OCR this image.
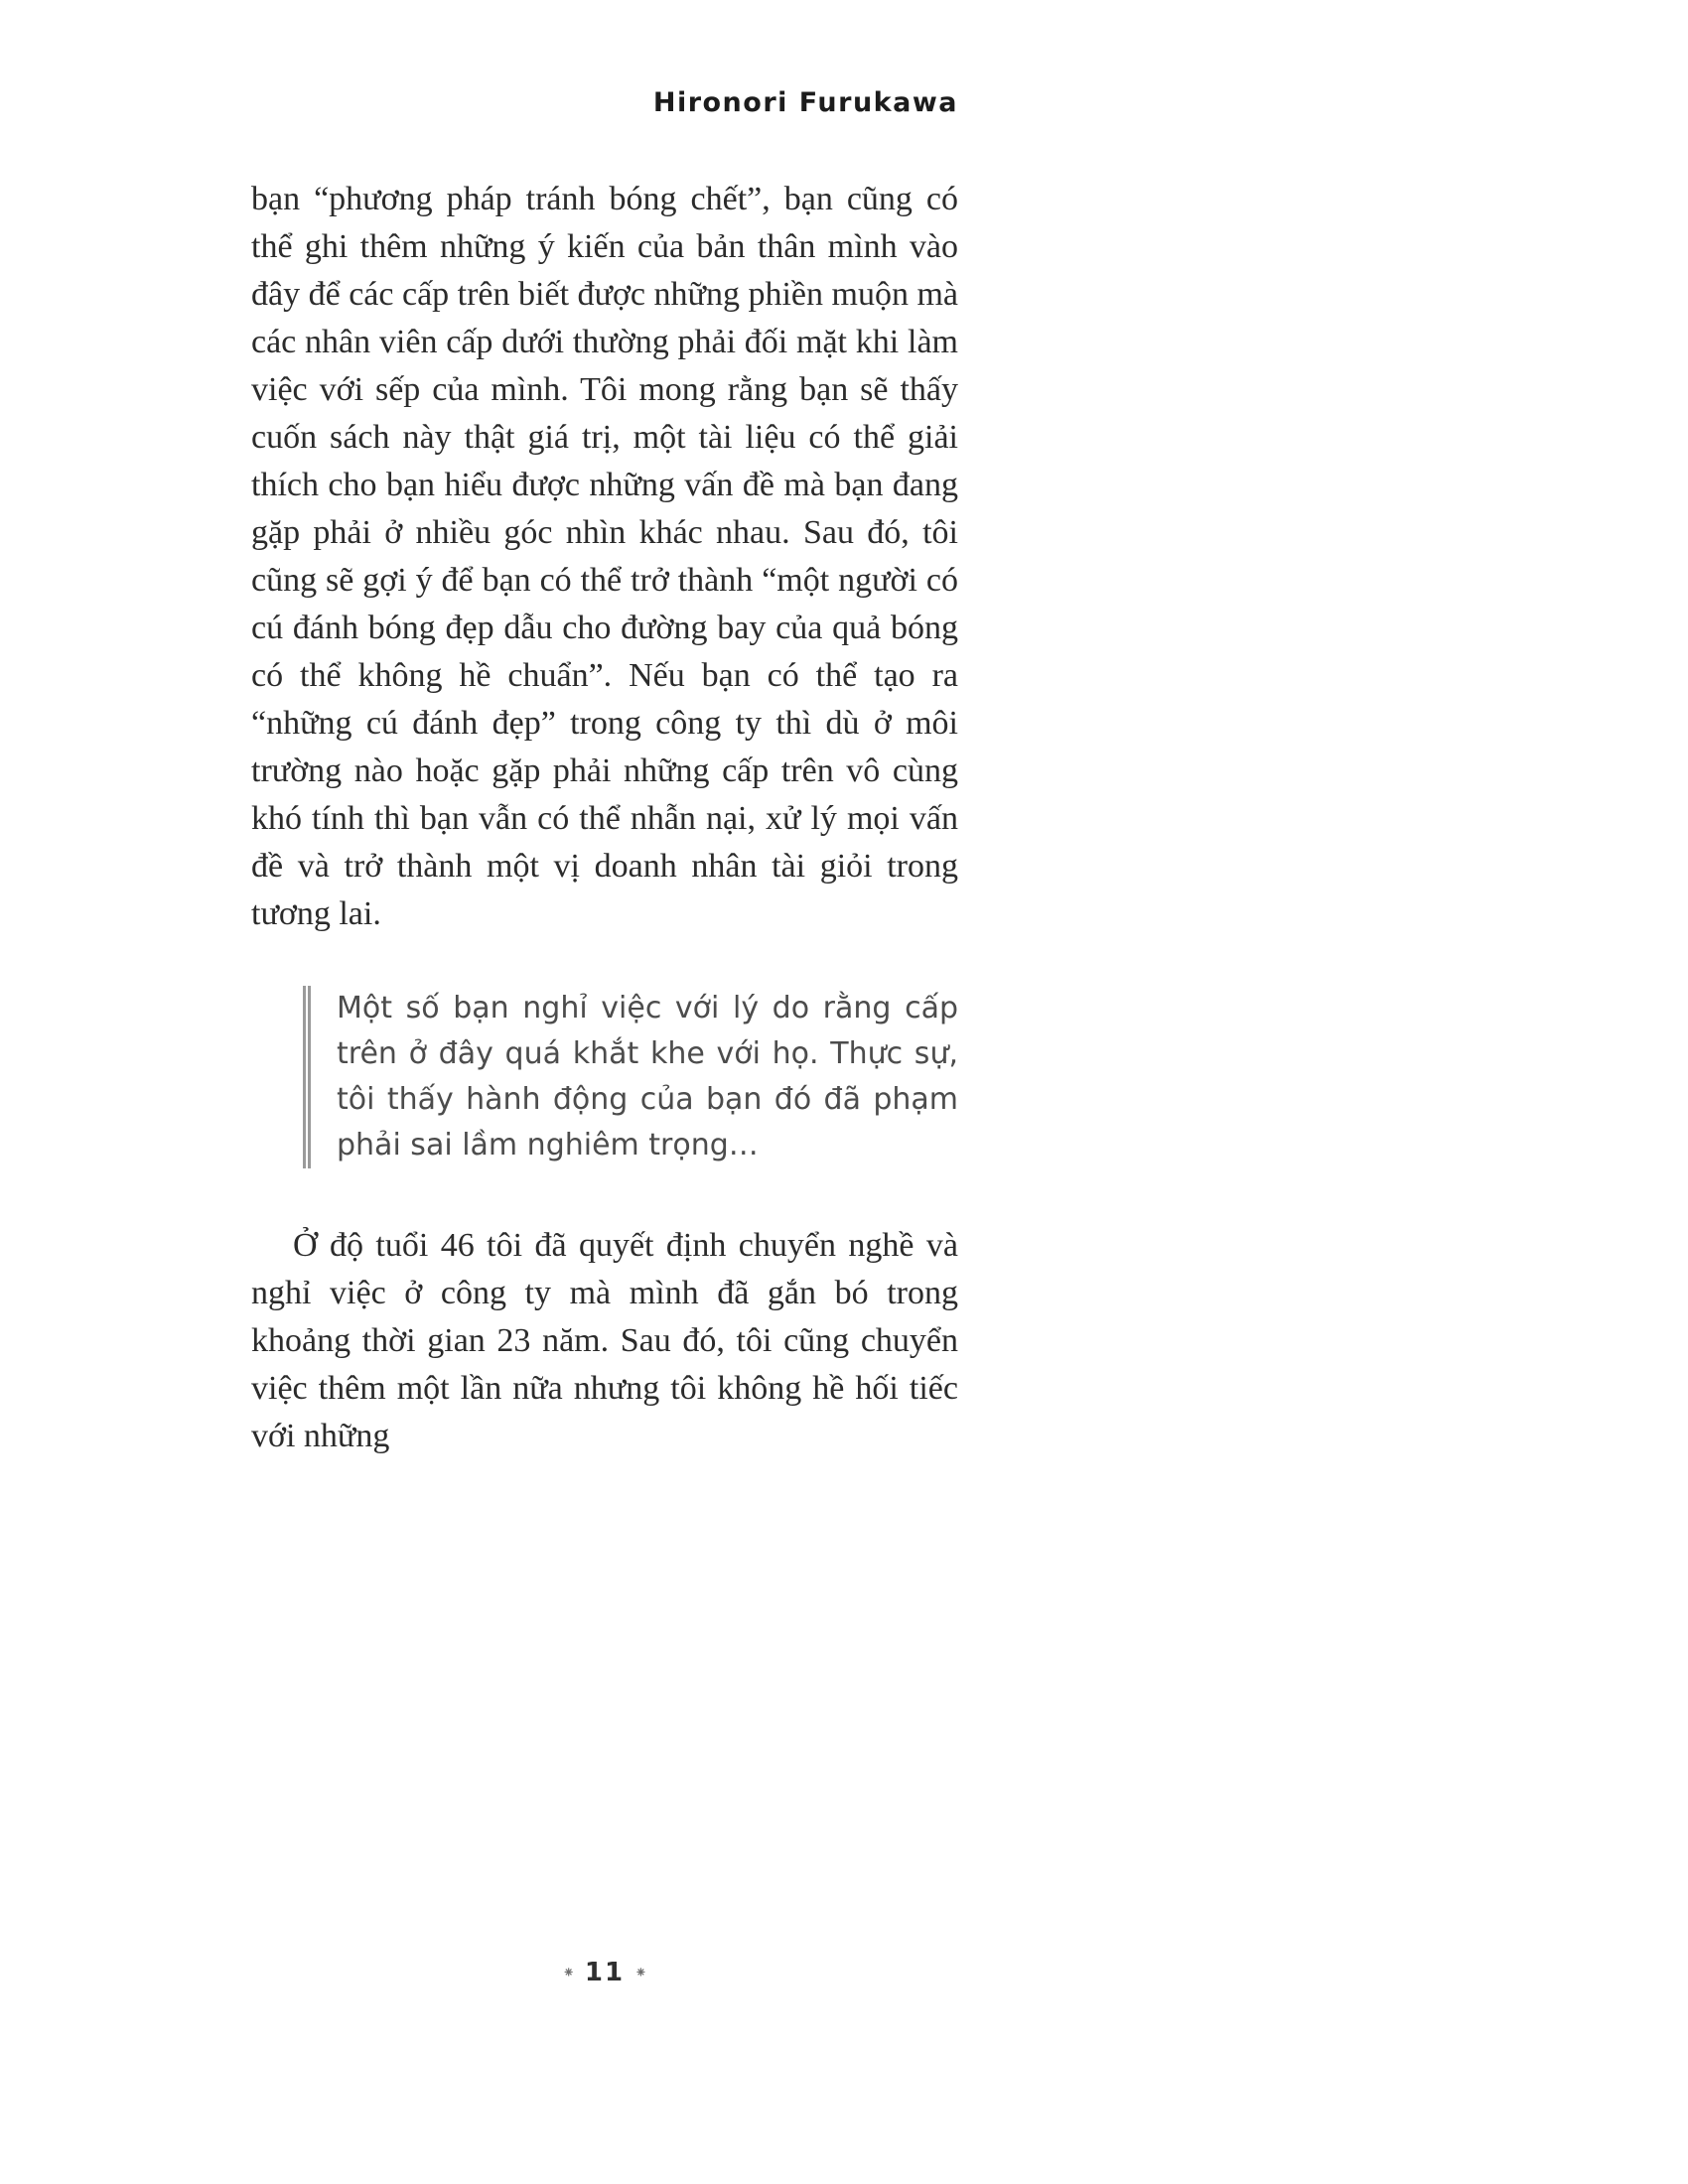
Hironori Furukawa

bạn “phương pháp tránh bóng chết”, bạn cũng có thể ghi thêm những ý kiến của bản thân mình vào đây để các cấp trên biết được những phiền muộn mà các nhân viên cấp dưới thường phải đối mặt khi làm việc với sếp của mình. Tôi mong rằng bạn sẽ thấy cuốn sách này thật giá trị, một tài liệu có thể giải thích cho bạn hiểu được những vấn đề mà bạn đang gặp phải ở nhiều góc nhìn khác nhau. Sau đó, tôi cũng sẽ gợi ý để bạn có thể trở thành “một người có cú đánh bóng đẹp dẫu cho đường bay của quả bóng có thể không hề chuẩn”. Nếu bạn có thể tạo ra “những cú đánh đẹp” trong công ty thì dù ở môi trường nào hoặc gặp phải những cấp trên vô cùng khó tính thì bạn vẫn có thể nhẫn nại, xử lý mọi vấn đề và trở thành một vị doanh nhân tài giỏi trong tương lai.

Một số bạn nghỉ việc với lý do rằng cấp trên ở đây quá khắt khe với họ. Thực sự, tôi thấy hành động của bạn đó đã phạm phải sai lầm nghiêm trọng…

Ở độ tuổi 46 tôi đã quyết định chuyển nghề và nghỉ việc ở công ty mà mình đã gắn bó trong khoảng thời gian 23 năm. Sau đó, tôi cũng chuyển việc thêm một lần nữa nhưng tôi không hề hối tiếc với những

⁕ 11 ⁕
